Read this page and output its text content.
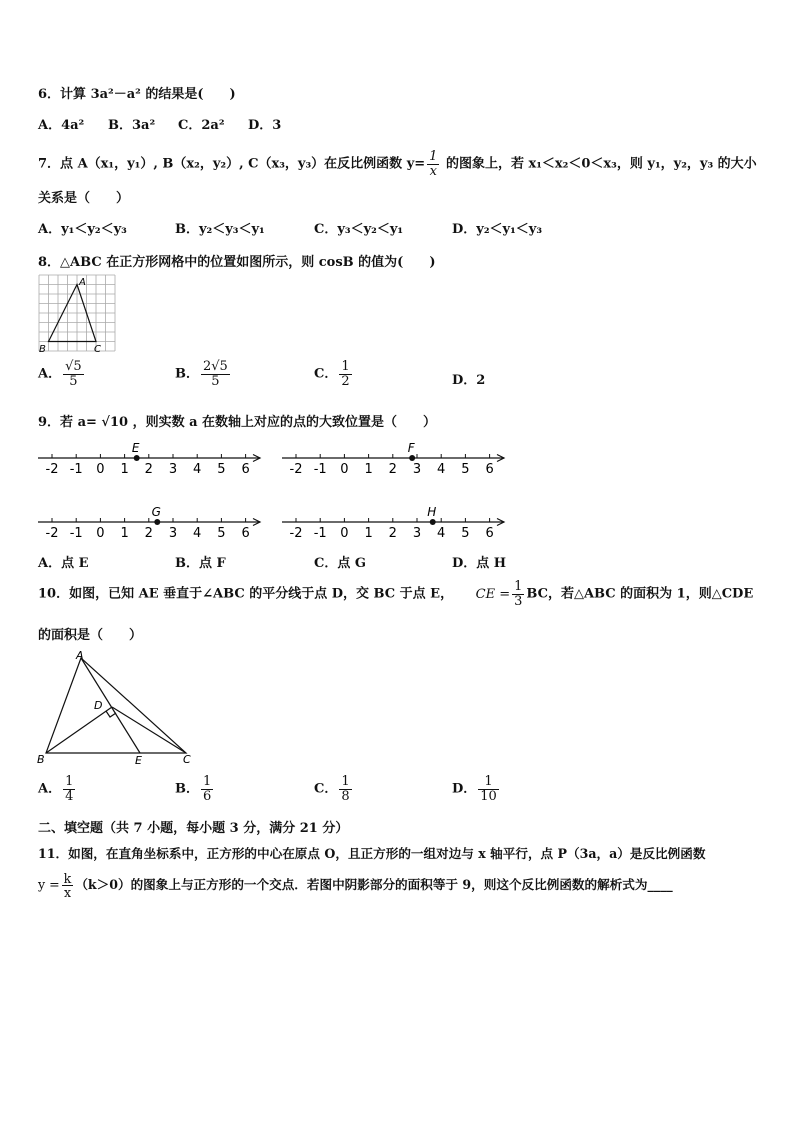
6．计算 3a²－a² 的结果是(　　)
A．4a² B．3a² C．2a² D．3
7．点 A（x₁，y₁）, B（x₂，y₂）, C（x₃，y₃）在反比例函数 $y= \frac{1}{x}$ 的图象上，若 x₁＜x₂＜0＜x₃，则 y₁，y₂，y₃ 的大小
关系是（　　）
A．y₁＜y₂＜y₃	B．y₂＜y₃＜y₁	C．y₃＜y₂＜y₁	D．y₂＜y₁＜y₃
8．△ABC 在正方形网格中的位置如图所示，则 cosB 的值为(　　)
A
B	C
A． $\frac{√5}{5}$	B． $\frac{2√5}{5}$	C． $\frac{1}{2}$	D．2
9．若 a= √10 ，则实数 a 在数轴上对应的点的大致位置是（　　）
-2 -1 0 1 2 3 4 5 6
E
-2 -1 0 1 2 3 4 5 6
F
-2 -1 0 1 2 3 4 5 6
G
-2 -1 0 1 2 3 4 5 6
H
A．点 E	B．点 F	C．点 G	D．点 H
10．如图，已知 AE 垂直于∠ABC 的平分线于点 D，交 BC 于点 E， CE = $\frac{1}{3}$ BC，若△ABC 的面积为 1，则△CDE
的面积是（　　）
A
B	C
D
E
A． $\frac{1}{4}$	B． $\frac{1}{6}$	C． $\frac{1}{8}$	D． $\frac{1}{10}$
二、填空题（共 7 小题，每小题 3 分，满分 21 分）
11．如图，在直角坐标系中，正方形的中心在原点 O，且正方形的一组对边与 x 轴平行，点 P（3a，a）是反比例函数
$y = \frac{k}{x} (k>0)$的图象上与正方形的一个交点．若图中阴影部分的面积等于 9，则这个反比例函数的解析式为____
